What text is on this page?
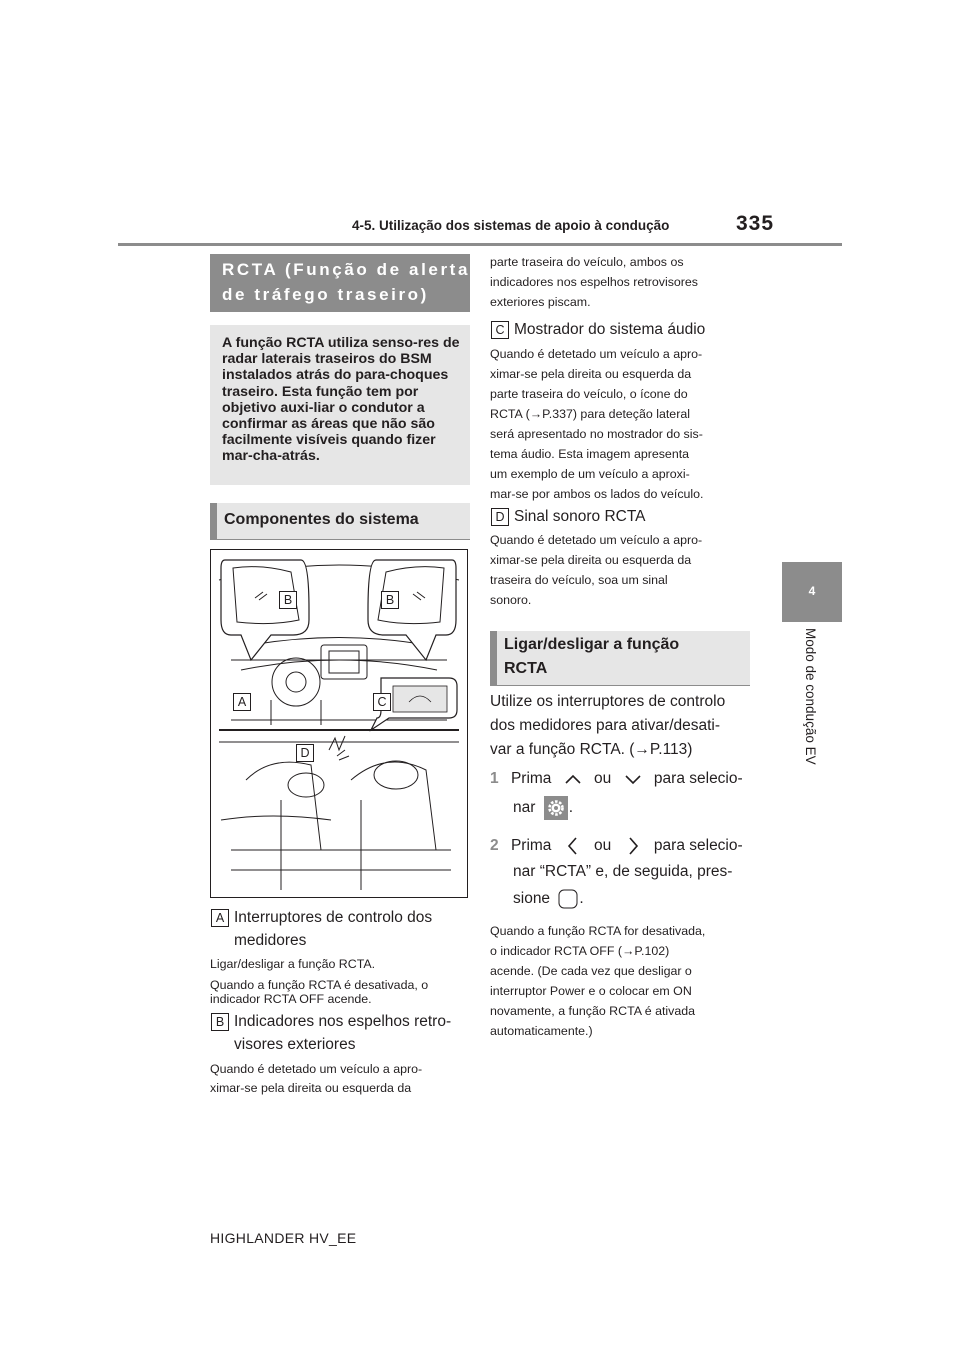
4-5. Utilização dos sistemas de apoio à condução	335
4
Modo de condução EV
RCTA (Função de alerta
de tráfego traseiro)

A função RCTA utiliza senso-res de radar laterais traseiros do BSM instalados atrás do para-choques traseiro. Esta função tem por objetivo auxi-liar o condutor a confirmar as áreas que não são facilmente visíveis quando fizer mar-cha-atrás.

Componentes do sistema
B	B
A	C
D
A Interruptores de controlo dos
medidores
Ligar/desligar a função RCTA.
Quando a função RCTA é desativada, o
indicador RCTA OFF acende.
B Indicadores nos espelhos retro-
visores exteriores
Quando é detetado um veículo a apro-
ximar-se pela direita ou esquerda da
parte traseira do veículo, ambos os
indicadores nos espelhos retrovisores
exteriores piscam.
C Mostrador do sistema áudio
Quando é detetado um veículo a apro-
ximar-se pela direita ou esquerda da
parte traseira do veículo, o ícone do
RCTA (→P.337) para deteção lateral
será apresentado no mostrador do sis-
tema áudio. Esta imagem apresenta
um exemplo de um veículo a aproxi-
mar-se por ambos os lados do veículo.
D Sinal sonoro RCTA
Quando é detetado um veículo a apro-
ximar-se pela direita ou esquerda da
traseira do veículo, soa um sinal
sonoro.
Ligar/desligar a função
RCTA
Utilize os interruptores de controlo
dos medidores para ativar/desati-
var a função RCTA. (→P.113)
1 Prima	ou	para selecio-
nar .
2 Prima	ou	para selecio-
nar “RCTA” e, de seguida, pres-
sione .
Quando a função RCTA for desativada,
o indicador RCTA OFF (→P.102)
acende. (De cada vez que desligar o
interruptor Power e o colocar em ON
novamente, a função RCTA é ativada
automaticamente.)
HIGHLANDER HV_EE
